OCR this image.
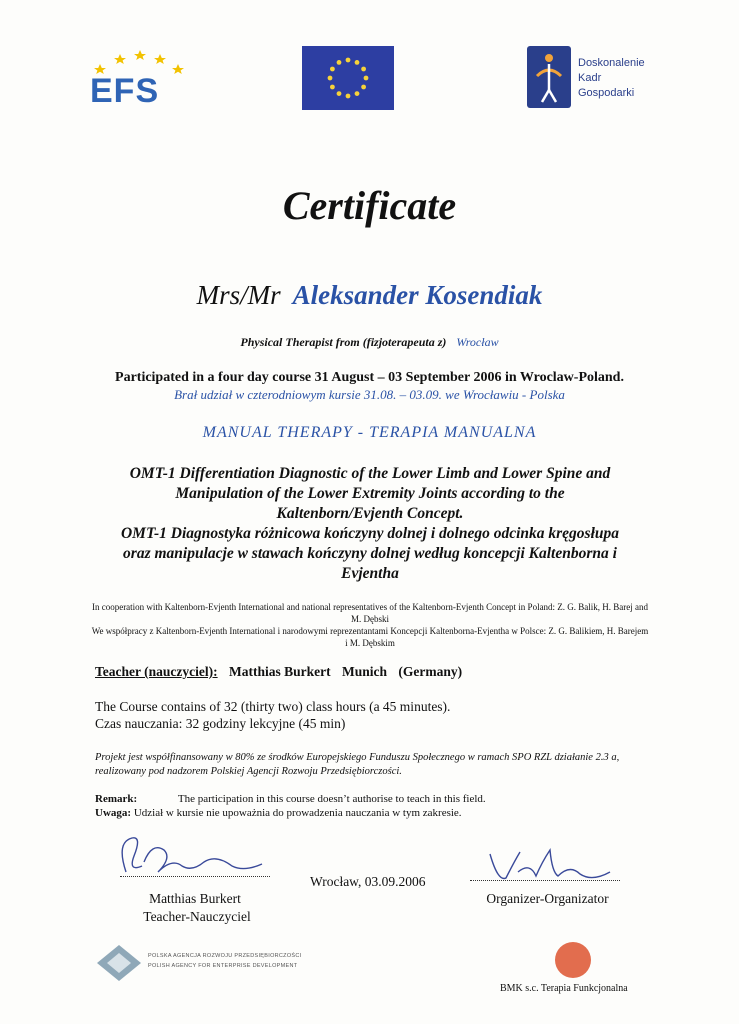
EFS
Doskonalenie
Kadr
Gospodarki
Certificate
Mrs/Mr Aleksander Kosendiak
Physical Therapist from (fizjoterapeuta z) Wrocław
Participated in a four day course 31 August – 03 September 2006 in Wroclaw-Poland.
Brał udział w czterodniowym kursie 31.08. – 03.09. we Wrocławiu - Polska
MANUAL THERAPY - TERAPIA MANUALNA
OMT-1 Differentiation Diagnostic of the Lower Limb and Lower Spine and
Manipulation of the Lower Extremity Joints according to the
Kaltenborn/Evjenth Concept.
OMT-1 Diagnostyka różnicowa kończyny dolnej i dolnego odcinka kręgosłupa
oraz manipulacje w stawach kończyny dolnej według koncepcji Kaltenborna i
Evjentha
In cooperation with Kaltenborn-Evjenth International and national representatives of the Kaltenborn-Evjenth Concept in Poland: Z. G. Balik, H. Barej and M. Dębski
We współpracy z Kaltenborn-Evjenth International i narodowymi reprezentantami Koncepcji Kaltenborna-Evjentha w Polsce: Z. G. Balikiem, H. Barejem i M. Dębskim
Teacher (nauczyciel): Matthias Burkert Munich (Germany)
The Course contains of 32 (thirty two) class hours (a 45 minutes).
Czas nauczania: 32 godziny lekcyjne (45 min)
Projekt jest współfinansowany w 80% ze środków Europejskiego Funduszu Społecznego w ramach SPO RZL działanie 2.3 a, realizowany pod nadzorem Polskiej Agencji Rozwoju Przedsiębiorczości.
Remark:	The participation in this course doesn’t authorise to teach in this field.
Uwaga: Udział w kursie nie upoważnia do prowadzenia nauczania w tym zakresie.
Matthias Burkert
Teacher-Nauczyciel
Wrocław, 03.09.2006
Organizer-Organizator
POLSKA AGENCJA ROZWOJU PRZEDSIĘBIORCZOŚCI
POLISH AGENCY FOR ENTERPRISE DEVELOPMENT
BMK s.c. Terapia Funkcjonalna
